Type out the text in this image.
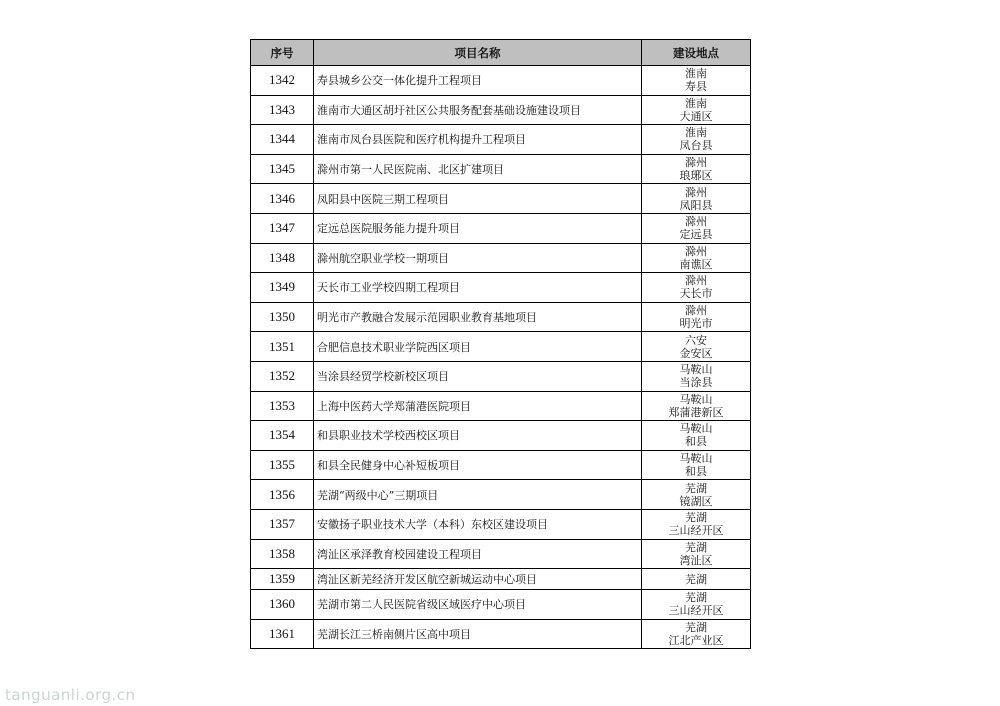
序号	项目名称	建设地点
1342	寿县城乡公交一体化提升工程项目	淮南
寿县

1343	淮南市大通区胡圩社区公共服务配套基础设施建设项目	淮南
大通区

1344	淮南市凤台县医院和医疗机构提升工程项目	淮南
凤台县

1345	滁州市第一人民医院南、北区扩建项目	滁州
琅琊区

1346	凤阳县中医院三期工程项目	滁州
凤阳县

1347	定远总医院服务能力提升项目	滁州
定远县

1348	滁州航空职业学校一期项目	滁州
南谯区

1349	天长市工业学校四期工程项目	滁州
天长市

1350	明光市产教融合发展示范园职业教育基地项目	滁州
明光市

1351	合肥信息技术职业学院西区项目	六安
金安区

1352	当涂县经贸学校新校区项目	马鞍山
当涂县

1353	上海中医药大学郑蒲港医院项目	马鞍山
郑蒲港新区

1354	和县职业技术学校西校区项目	马鞍山
和县

1355	和县全民健身中心补短板项目	马鞍山
和县

1356	芜湖“两级中心”三期项目	芜湖
镜湖区

1357	安徽扬子职业技术大学（本科）东校区建设项目	芜湖
三山经开区

1358	湾沚区承泽教育校园建设工程项目	芜湖
湾沚区

1359	湾沚区新芜经济开发区航空新城运动中心项目	芜湖

1360	芜湖市第二人民医院省级区域医疗中心项目	芜湖
三山经开区

1361	芜湖长江三桥南侧片区高中项目	芜湖
江北产业区
tanguanli.org.cn
